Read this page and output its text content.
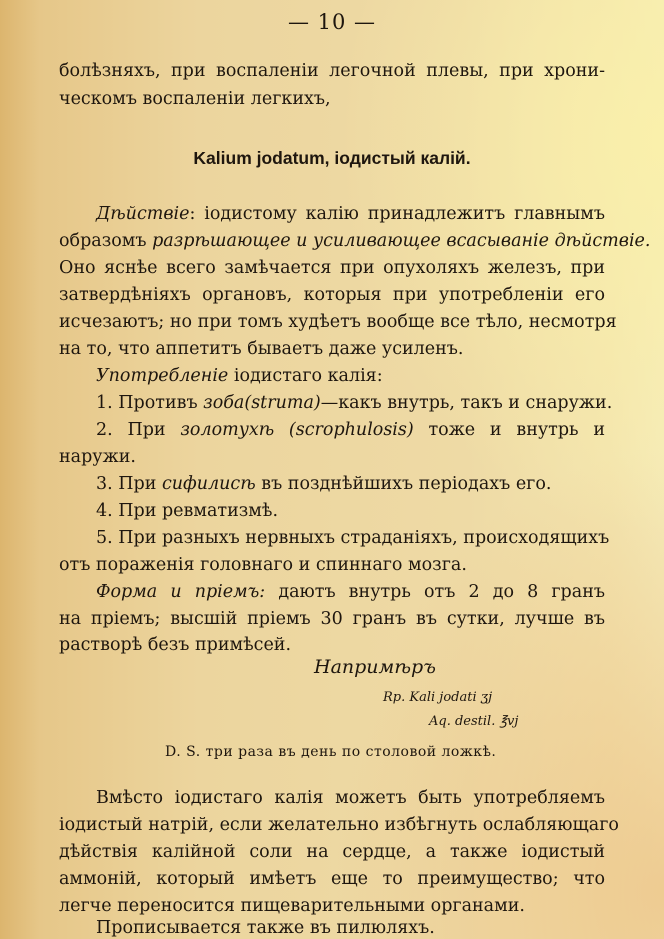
— 10 —
болѣзняхъ, при воспаленіи легочной плевы, при хрони-
ческомъ воспаленіи легкихъ,
Kalium jodatum, іодистый калій.
Дѣйствіе: іодистому калію принадлежитъ главнымъ
образомъ разрѣшающее и усиливающее всасываніе дѣйствіе.
Оно яснѣе всего замѣчается при опухоляхъ железъ, при
затвердѣніяхъ органовъ, которыя при употребленіи его
исчезаютъ; но при томъ худѣетъ вообще все тѣло, несмотря
на то, что аппетитъ бываетъ даже усиленъ.
Употребленіе іодистаго калія:
1. Противъ зоба(struma)—какъ внутрь, такъ и снаружи.
2. При золотухѣ (scrophulosis) тоже и внутрь и
наружи.
3. При сифилисѣ въ позднѣйшихъ періодахъ его.
4. При ревматизмѣ.
5. При разныхъ нервныхъ страданіяхъ, происходящихъ
отъ пораженія головнаго и спиннаго мозга.
Форма и пріемъ: даютъ внутрь отъ 2 до 8 гранъ
на пріемъ; высшій пріемъ 30 гранъ въ сутки, лучше въ
растворѣ безъ примѣсей.
Напримѣръ
Rp. Kali jodati ʒj
Aq. destil. ℥vj
D. S. три раза въ день по столовой ложкѣ.
Вмѣсто іодистаго калія можетъ быть употребляемъ
іодистый натрій, если желательно избѣгнуть ослабляющаго
дѣйствія калійной соли на сердце, а также іодистый
аммоній, который имѣетъ еще то преимущество; что
легче переносится пищеварительными органами.
Прописывается также въ пилюляхъ.
